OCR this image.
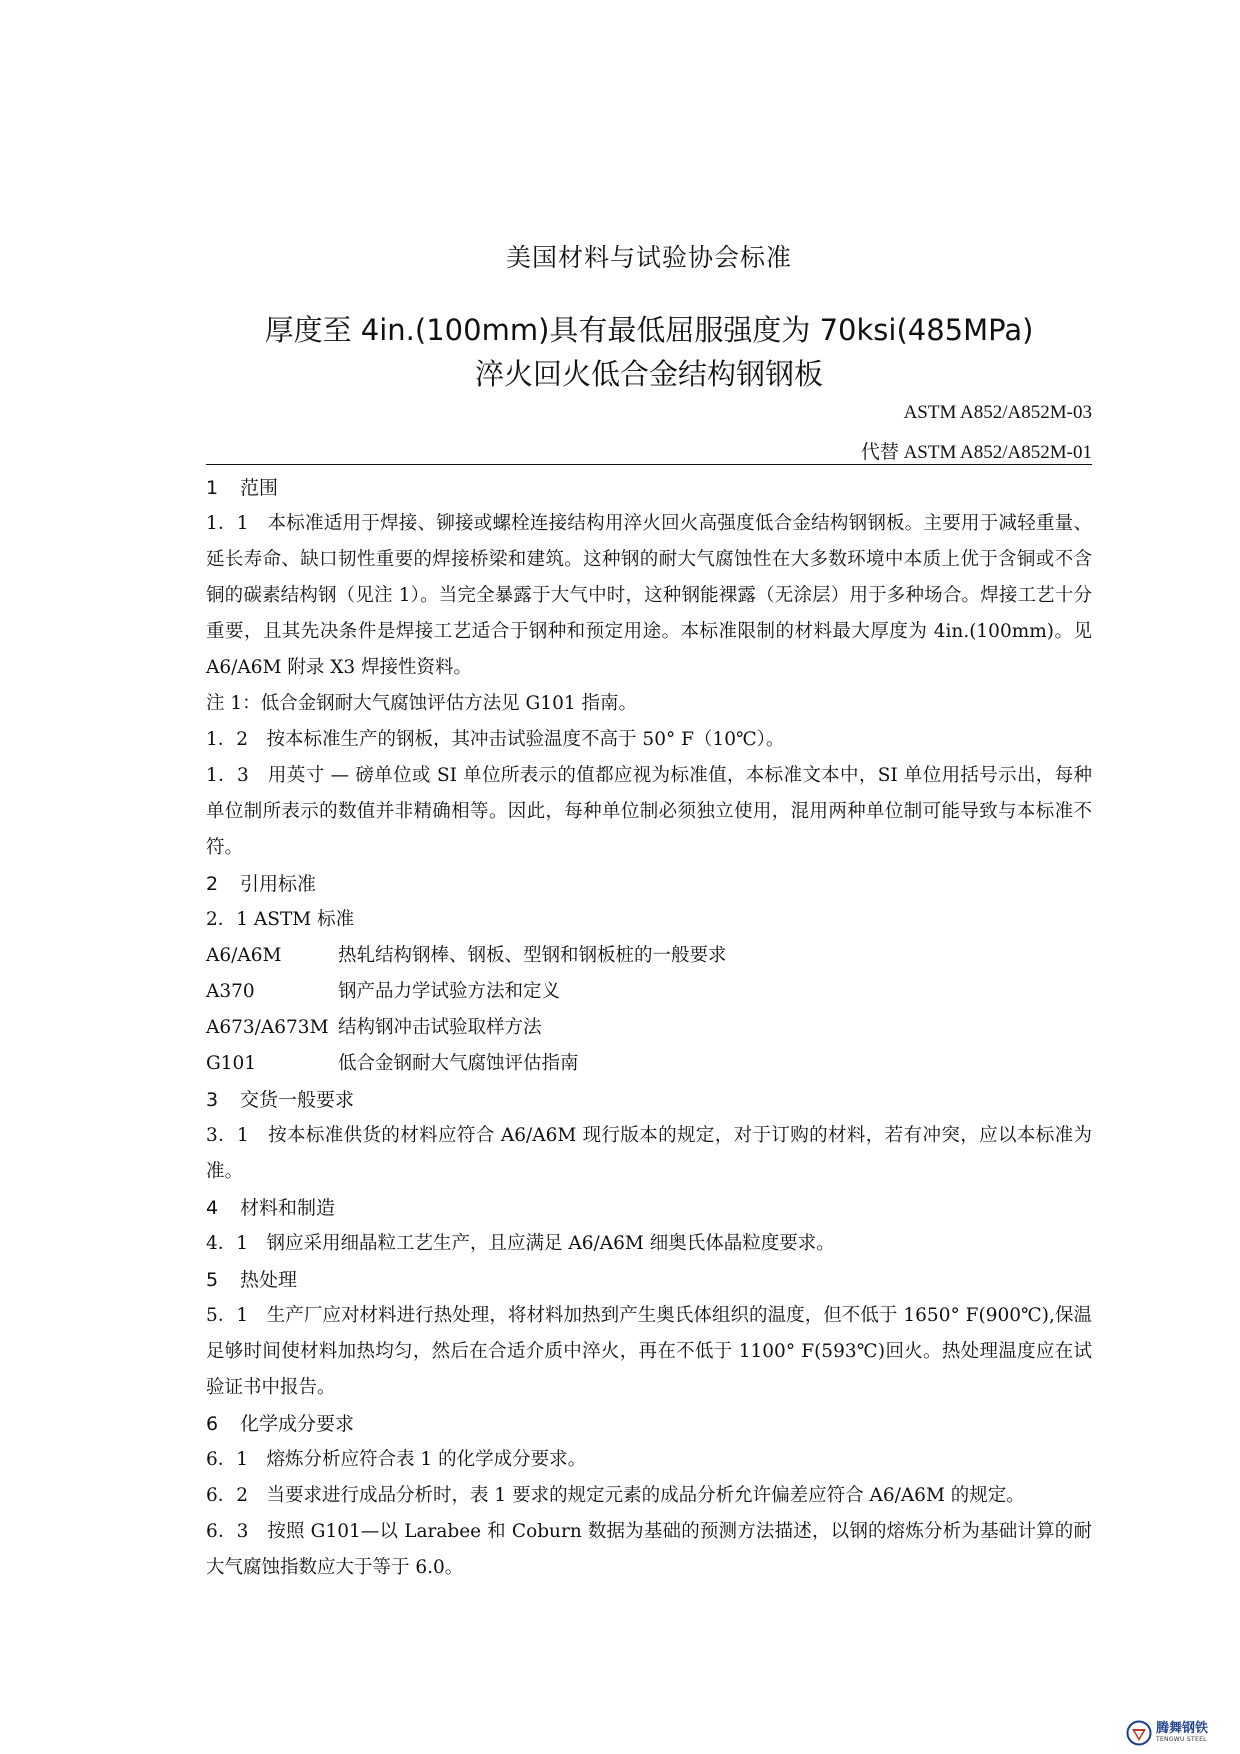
美国材料与试验协会标准
厚度至 4in.(100mm)具有最低屈服强度为 70ksi(485MPa)
淬火回火低合金结构钢钢板
ASTM A852/A852M-03
代替 ASTM A852/A852M-01
1 范围

1．1　本标准适用于焊接、铆接或螺栓连接结构用淬火回火高强度低合金结构钢钢板。主要用于减轻重量、延长寿命、缺口韧性重要的焊接桥梁和建筑。这种钢的耐大气腐蚀性在大多数环境中本质上优于含铜或不含铜的碳素结构钢（见注 1）。当完全暴露于大气中时，这种钢能裸露（无涂层）用于多种场合。焊接工艺十分重要，且其先决条件是焊接工艺适合于钢种和预定用途。本标准限制的材料最大厚度为 4in.(100mm)。见 A6/A6M 附录 X3 焊接性资料。

注 1：低合金钢耐大气腐蚀评估方法见 G101 指南。

1．2　按本标准生产的钢板，其冲击试验温度不高于 50° F（10℃）。

1．3　用英寸 — 磅单位或 SI 单位所表示的值都应视为标准值，本标准文本中，SI 单位用括号示出，每种单位制所表示的数值并非精确相等。因此，每种单位制必须独立使用，混用两种单位制可能导致与本标准不符。

2 引用标准

2．1 ASTM 标准

A6/A6M	热轧结构钢棒、钢板、型钢和钢板桩的一般要求
A370	钢产品力学试验方法和定义
A673/A673M 结构钢冲击试验取样方法
G101	低合金钢耐大气腐蚀评估指南
3 交货一般要求

3．1　按本标准供货的材料应符合 A6/A6M 现行版本的规定，对于订购的材料，若有冲突，应以本标准为准。

4 材料和制造

4．1　钢应采用细晶粒工艺生产，且应满足 A6/A6M 细奥氏体晶粒度要求。

5 热处理

5．1　生产厂应对材料进行热处理，将材料加热到产生奥氏体组织的温度，但不低于 1650° F(900℃),保温足够时间使材料加热均匀，然后在合适介质中淬火，再在不低于 1100° F(593℃)回火。热处理温度应在试验证书中报告。

6 化学成分要求

6．1　熔炼分析应符合表 1 的化学成分要求。

6．2　当要求进行成品分析时，表 1 要求的规定元素的成品分析允许偏差应符合 A6/A6M 的规定。

6．3　按照 G101—以 Larabee 和 Coburn 数据为基础的预测方法描述，以钢的熔炼分析为基础计算的耐大气腐蚀指数应大于等于 6.0。

腾舞钢铁
TENGWU STEEL
